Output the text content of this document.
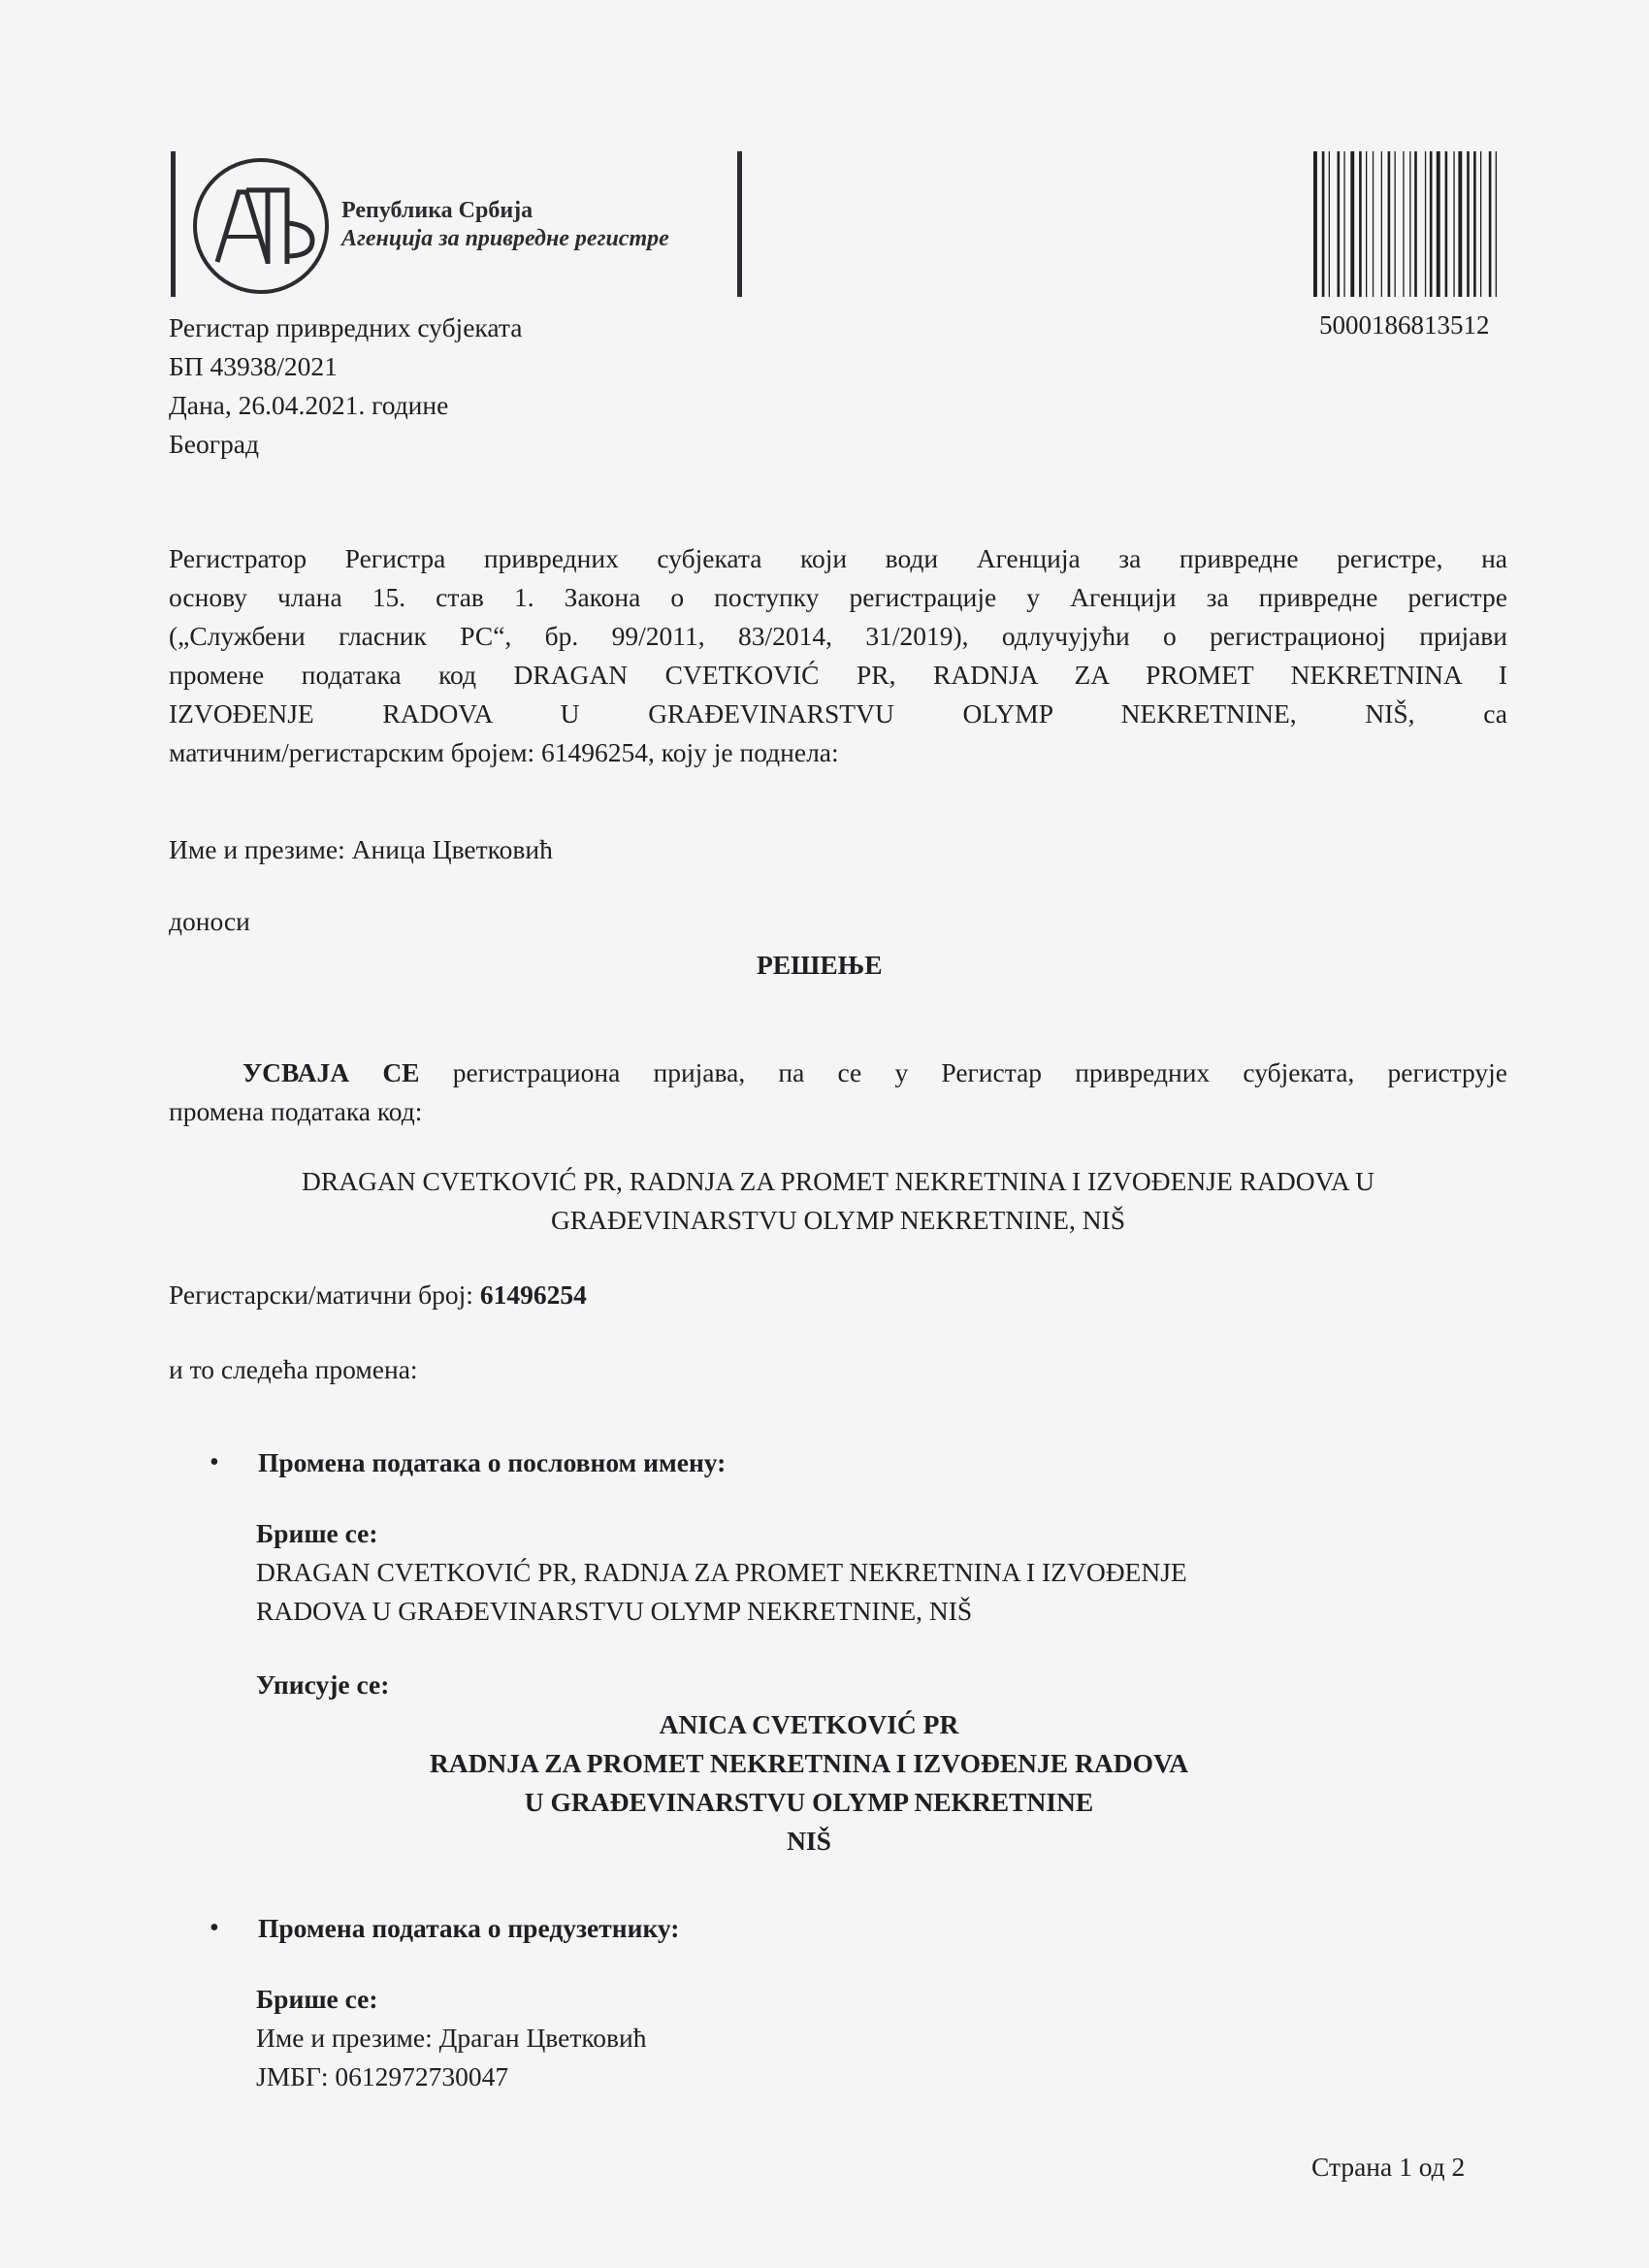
Република Србија
Агенција за привредне регистре
5000186813512
Регистар привредних субјеката
БП 43938/2021
Дана, 26.04.2021. године
Београд
Регистратор Регистра привредних субјеката који води Агенција за привредне регистре, на
основу члана 15. став 1. Закона о поступку регистрације у Агенцији за привредне регистре
(„Службени гласник РС“, бр. 99/2011, 83/2014, 31/2019), одлучујући о регистрационој пријави
промене података код DRAGAN CVETKOVIĆ PR, RADNJA ZA PROMET NEKRETNINA I
IZVOĐENJE RADOVA U GRAĐEVINARSTVU OLYMP NEKRETNINE, NIŠ, са
матичним/регистарским бројем: 61496254, коју је поднела:
Име и презиме: Аница Цветковић
доноси
РЕШЕЊЕ
УСВАЈА СЕ регистрациона пријава, па се у Регистар привредних субјеката, региструје
промена података код:
DRAGAN CVETKOVIĆ PR, RADNJA ZA PROMET NEKRETNINA I IZVOĐENJE RADOVA U
GRAĐEVINARSTVU OLYMP NEKRETNINE, NIŠ
Регистарски/матични број: 61496254
и то следећа промена:
• Промена података о пословном имену:
Брише се:
DRAGAN CVETKOVIĆ PR, RADNJA ZA PROMET NEKRETNINA I IZVOĐENJE
RADOVA U GRAĐEVINARSTVU OLYMP NEKRETNINE, NIŠ
Уписује се:
ANICA CVETKOVIĆ PR
RADNJA ZA PROMET NEKRETNINA I IZVOĐENJE RADOVA
U GRAĐEVINARSTVU OLYMP NEKRETNINE
NIŠ
• Промена података о предузетнику:
Брише се:
Име и презиме: Драган Цветковић
ЈМБГ: 0612972730047
Страна 1 од 2
